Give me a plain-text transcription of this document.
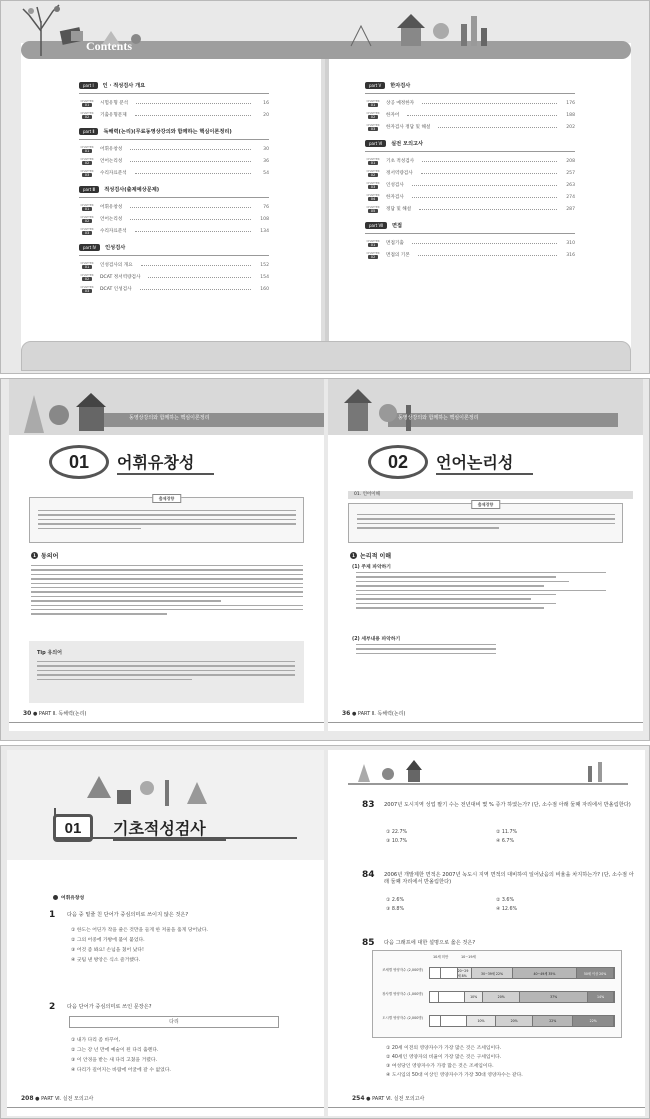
part Ⅰ	인 · 적성검사 개요
CHAPTER
01	시험유형 분석	16
CHAPTER
02	기출유형문제	20
part Ⅱ	독해력(논리)(무료동영상강의와 함께하는 핵심이론정리)
CHAPTER
01	어휘유창성	30
CHAPTER
02	언어논리성	36
CHAPTER
03	수리자료분석	54
part Ⅲ	적성검사(출제예상문제)
CHAPTER
01	어휘유창성	76
CHAPTER
02	언어논리성	108
CHAPTER
03	수리자료분석	134
part Ⅳ	인성검사
CHAPTER
01	인성검사의 개요	152
CHAPTER
02	DCAT 정서역량검사	154
CHAPTER
03	DCAT 인성검사	160
part Ⅴ	한자검사
CHAPTER
01	상공 예정한자	176
CHAPTER
02	한자어	188
CHAPTER
03	한자검사 정답 및 해설	202
part Ⅵ	실전 모의고사
CHAPTER
01	기초 적성검사	208
CHAPTER
02	정서역량검사	257
CHAPTER
03	인성검사	263
CHAPTER
04	한자검사	274
CHAPTER
05	정답 및 해설	287
part Ⅶ	면접
CHAPTER
01	면접기출	310
CHAPTER
02	면접의 기본	316
Contents
동영상강의와 함께하는 핵심이론정리
01	어휘유창성
출제경향
1 동의어
Tip 유의어
30 ● PART Ⅱ. 독해력(논리)
동영상강의와 함께하는 핵심이론정리
02	언어논리성
01. 언어이해
출제경향
1 논리적 이해
(1) 주제 파악하기
(2) 세부내용 파악하기
36 ● PART Ⅱ. 독해력(논리)
01	기초적성검사
어휘유창성
1 다음 중 밑줄 친 단어가 중심의미로 쓰이지 않은 것은?
① 한도는 어딘가 작을 줄은 것만을 들게 한 저울을 흘게 당어났다.
② 그의 어중에 가방에 불이 붙었다.
③ 어것 좀 봐요! 손넘을 쳤어 났다!
④ 굿팀 낸 방앙은 식소 즐거했다.
2 다음 단어가 중심의미로 쓰인 문장은?
다리
① 내가 다리 좀 바꾸어,
② 그는 강 넌 만에 예술이 된 다리 출렌다.
③ 이 안경을 받는 새 다리 고쳤을 거렸다.
④ 다리가 길어지는 바람에 어굴에 갈 수 없었다.
208 ● PART Ⅵ. 실전 모의고사
83 2007년 도시지역 성업 팔기 수는 전년대비 몇 % 증가 하였는가? (단, 소수점 아래 둘째 자리에서 반올림한다)
① 22.7%	② 11.7%
③ 10.7%	④ 6.7%
84 2006년 개발제한 면적은 2007년 녹도시 지역 면적의 대비하여 일어났음의 비율을 차지하는가? (단, 소수점 아래 둘째 자리에서 반올림한다)
① 2.6%	② 3.6%
③ 8.8%	④ 12.6%
85 다음 그래프에 대한 설명으로 옳은 것은?
10세 미만	10~19세
조세별 영양자수 (2,000명)	20~29세 8%	30~39세 22%	40~49세 35%	50세 이상 20%
장사별 영양자수 (1,000명)
10%	20%	37%	14%
도시별 영양자수 (2,000명)
10%	20%	22%	22%
① 20세 이전의 영양자수가 가장 많은 것은 조세입이다.
② 40세인 영양자의 비율이 가장 많은 것은 구세입이다.
③ 여성당인 영양자수가 가장 많은 것은 조세입이다.
④ 도시입의 50대 이상인 영양자수가 가장 30대 영양자수는 같다.
254 ● PART Ⅵ. 실전 모의고사
